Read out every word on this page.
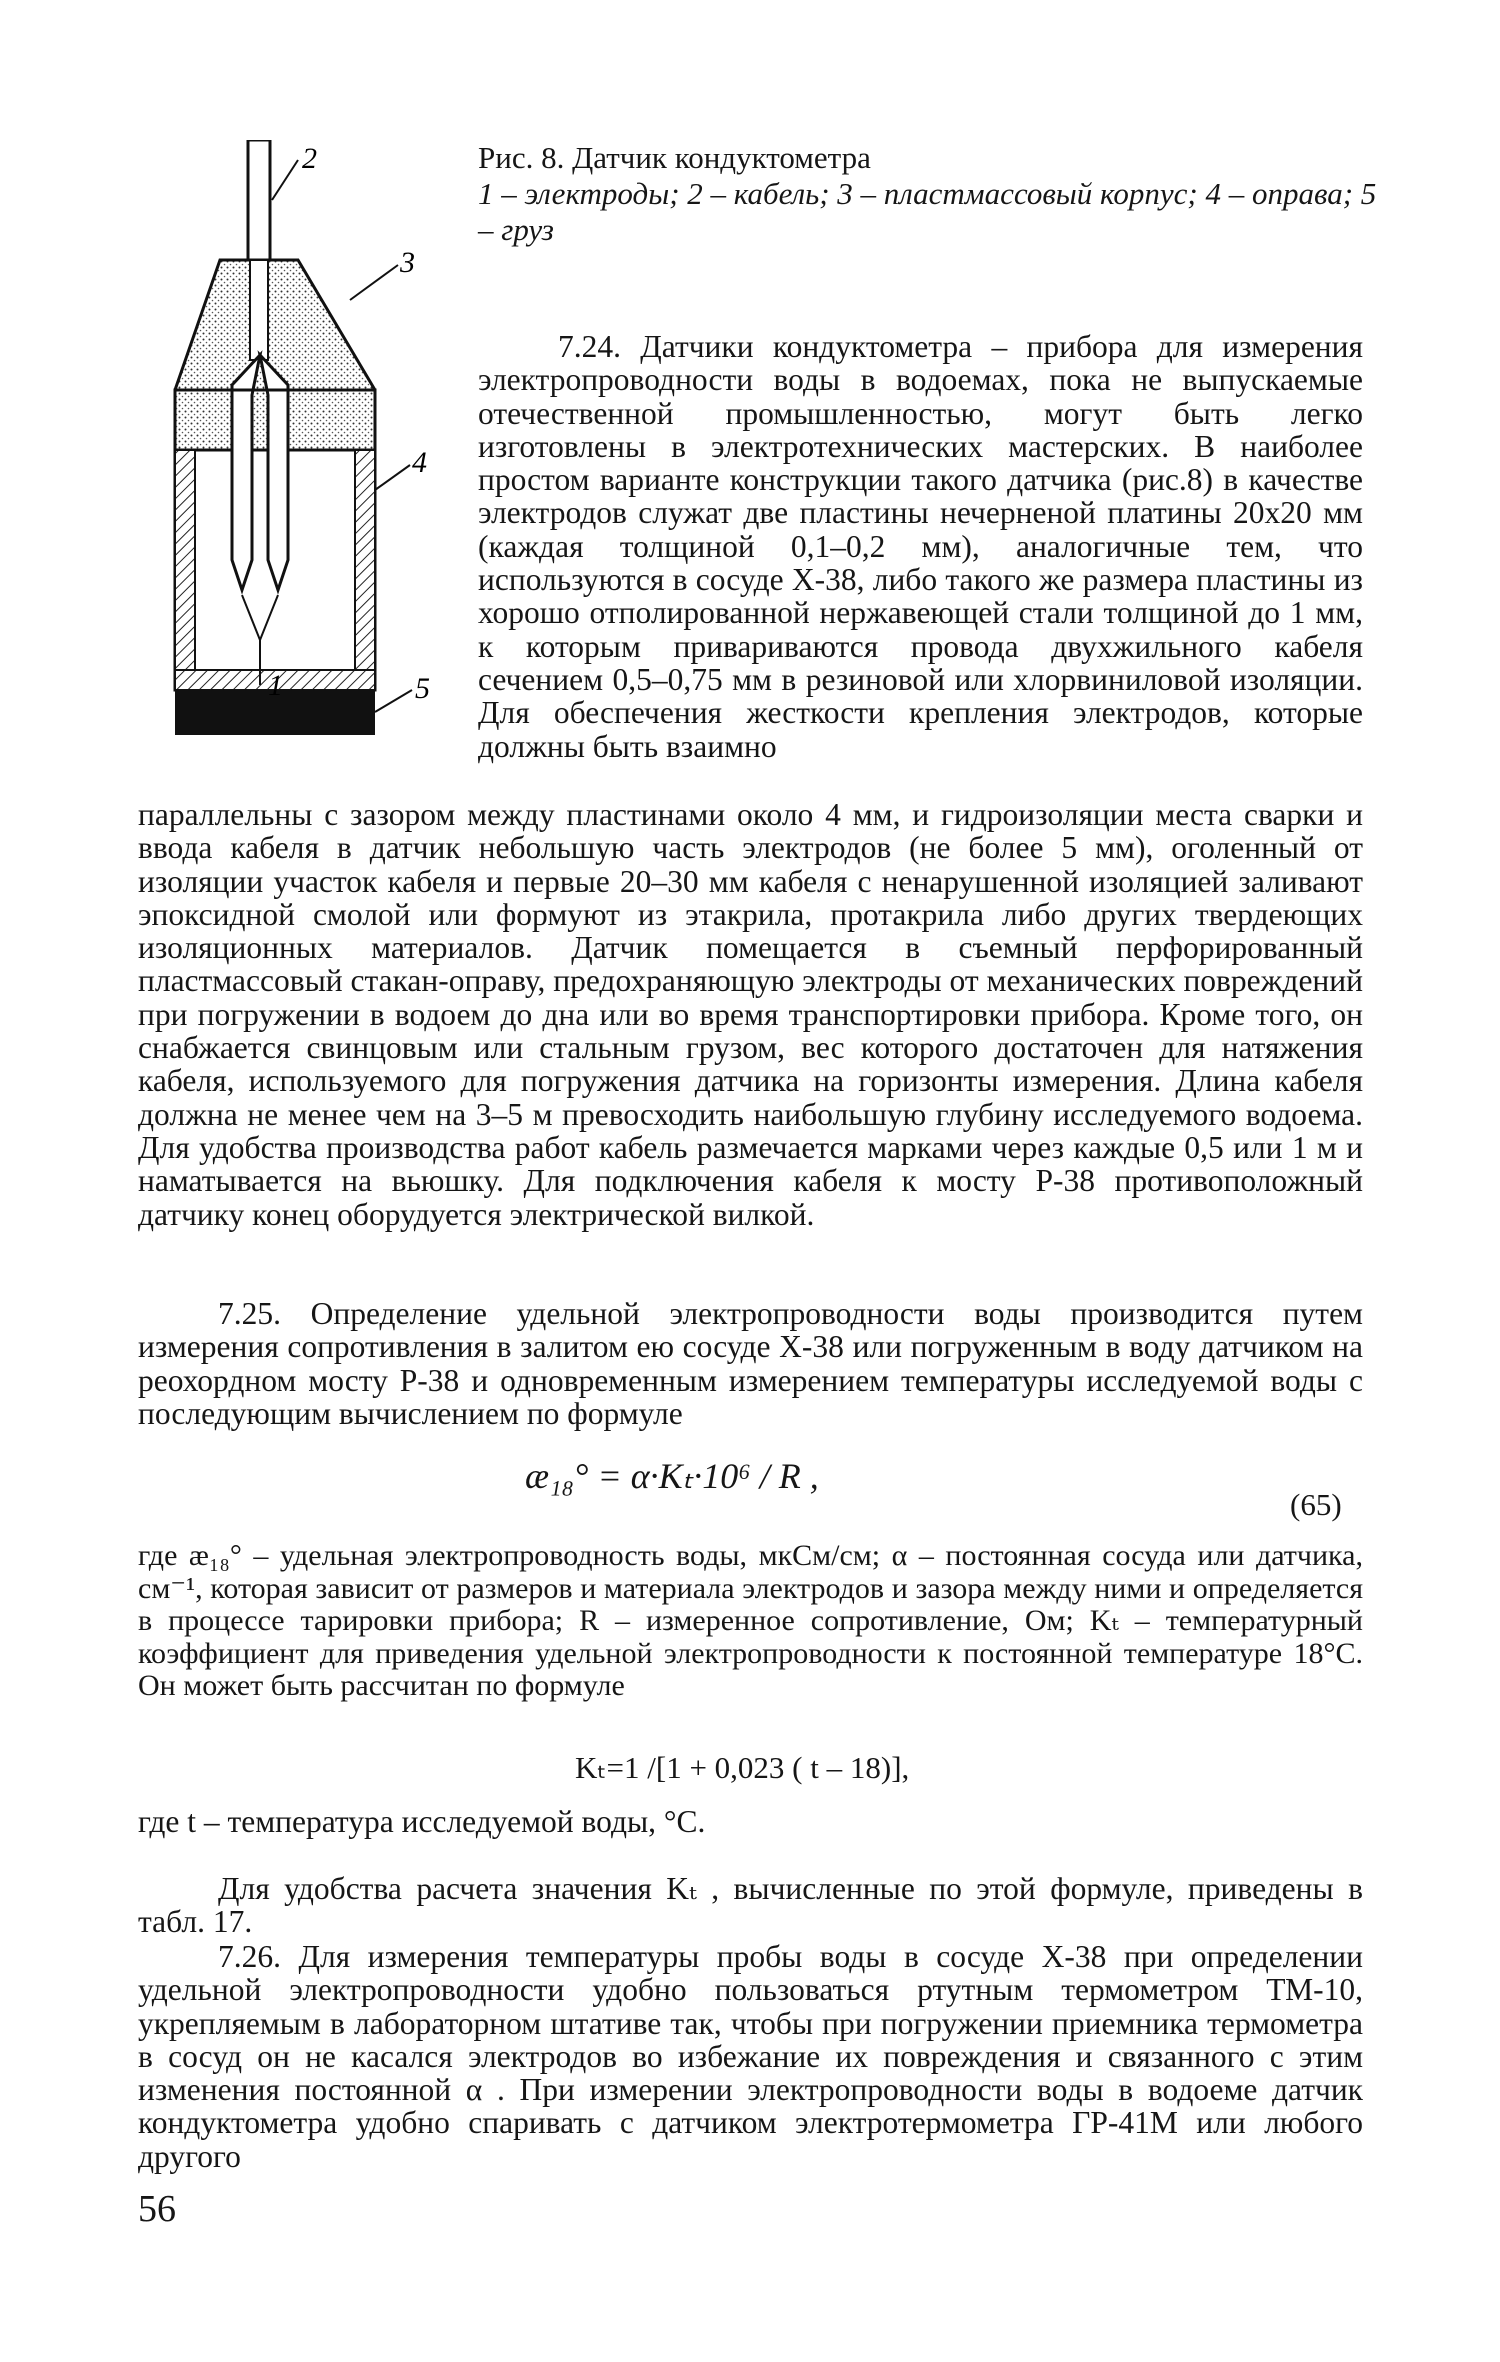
2
3
4
5
1
Рис. 8. Датчик кондуктометра
1 – электроды; 2 – кабель; 3 – пластмассовый корпус; 4 – оправа; 5 – груз

7.24. Датчики кондуктометра – прибора для измерения электропроводности воды в водоемах, пока не выпускаемые отечественной промышленностью, могут быть легко изготовлены в электротехнических мастерских. В наиболее простом варианте конструкции такого датчика (рис.8) в качестве электродов служат две пластины нечерненой платины 20x20 мм (каждая толщиной 0,1–0,2 мм), аналогичные тем, что используются в сосуде Х-38, либо такого же размера пластины из хорошо отполированной нержавеющей стали толщиной до 1 мм, к которым привариваются провода двухжильного кабеля сечением 0,5–0,75 мм в резиновой или хлорвиниловой изоляции. Для обеспечения жесткости крепления электродов, которые должны быть взаимно

параллельны с зазором между пластинами около 4 мм, и гидроизоляции места сварки и ввода кабеля в датчик небольшую часть электродов (не более 5 мм), оголенный от изоляции участок кабеля и первые 20–30 мм кабеля с ненарушенной изоляцией заливают эпоксидной смолой или формуют из этакрила, протакрила либо других твердеющих изоляционных материалов. Датчик помещается в съемный перфорированный пластмассовый стакан-оправу, предохраняющую электроды от механических повреждений при погружении в водоем до дна или во время транспортировки прибора. Кроме того, он снабжается свинцовым или стальным грузом, вес которого достаточен для натяжения кабеля, используемого для погружения датчика на горизонты измерения. Длина кабеля должна не менее чем на 3–5 м превосходить наибольшую глубину исследуемого водоема. Для удобства производства работ кабель размечается марками через каждые 0,5 или 1 м и наматывается на вьюшку. Для подключения кабеля к мосту Р-38 противоположный датчику конец оборудуется электрической вилкой.

7.25. Определение удельной электропроводности воды производится путем измерения сопротивления в залитом ею сосуде Х-38 или погруженным в воду датчиком на реохордном мосту Р-38 и одновременным измерением температуры исследуемой воды с последующим вычислением по формуле

æ₁₈° = α·Kₜ·10⁶ / R ,
(65)

где æ₁₈° – удельная электропроводность воды, мкСм/см; α – постоянная сосуда или датчика, см⁻¹, которая зависит от размеров и материала электродов и зазора между ними и определяется в процессе тарировки прибора; R – измеренное сопротивление, Ом; Kₜ – температурный коэффициент для приведения удельной электропроводности к постоянной температуре 18°С. Он может быть рассчитан по формуле

Kₜ=1 /[1 + 0,023 ( t – 18)],

где t – температура исследуемой воды, °С.

Для удобства расчета значения Kₜ , вычисленные по этой формуле, приведены в табл. 17.

7.26. Для измерения температуры пробы воды в сосуде Х-38 при определении удельной электропроводности удобно пользоваться ртутным термометром ТМ-10, укрепляемым в лабораторном штативе так, чтобы при погружении приемника термометра в сосуд он не касался электродов во избежание их повреждения и связанного с этим изменения постоянной α . При измерении электропроводности воды в водоеме датчик кондуктометра удобно спаривать с датчиком электротермометра ГР-41М или любого другого

56
